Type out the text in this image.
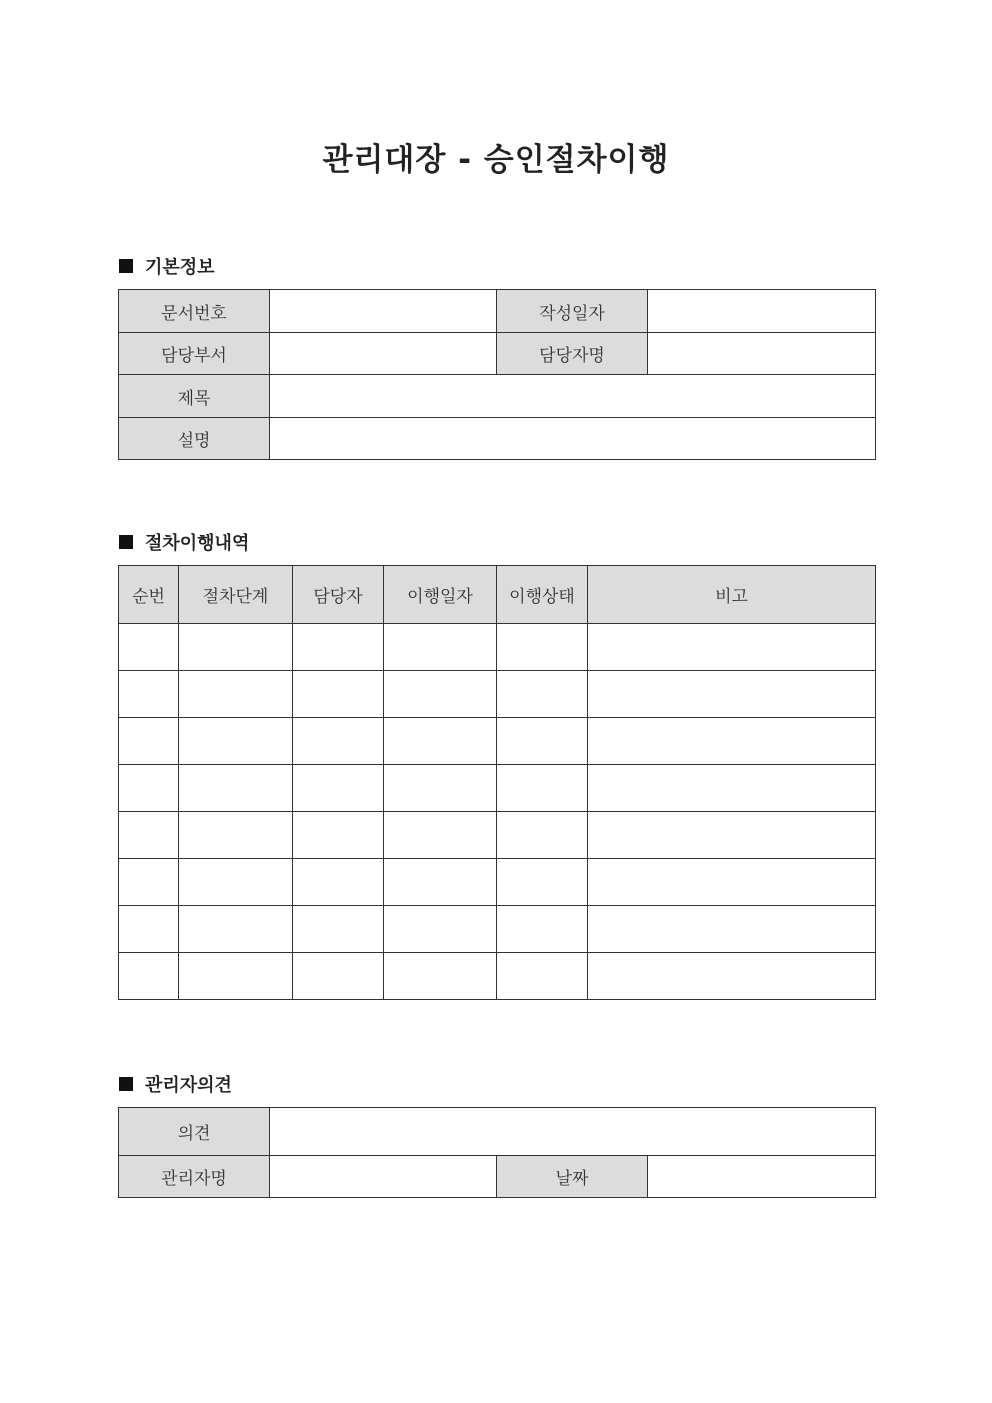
관리대장 - 승인절차이행
기본정보
문서번호		작성일자	
담당부서		담당자명	
제목			
설명			
절차이행내역
순번	절차단계	담당자	이행일자	이행상태	비고

관리자의견
의견			
관리자명		날짜	
